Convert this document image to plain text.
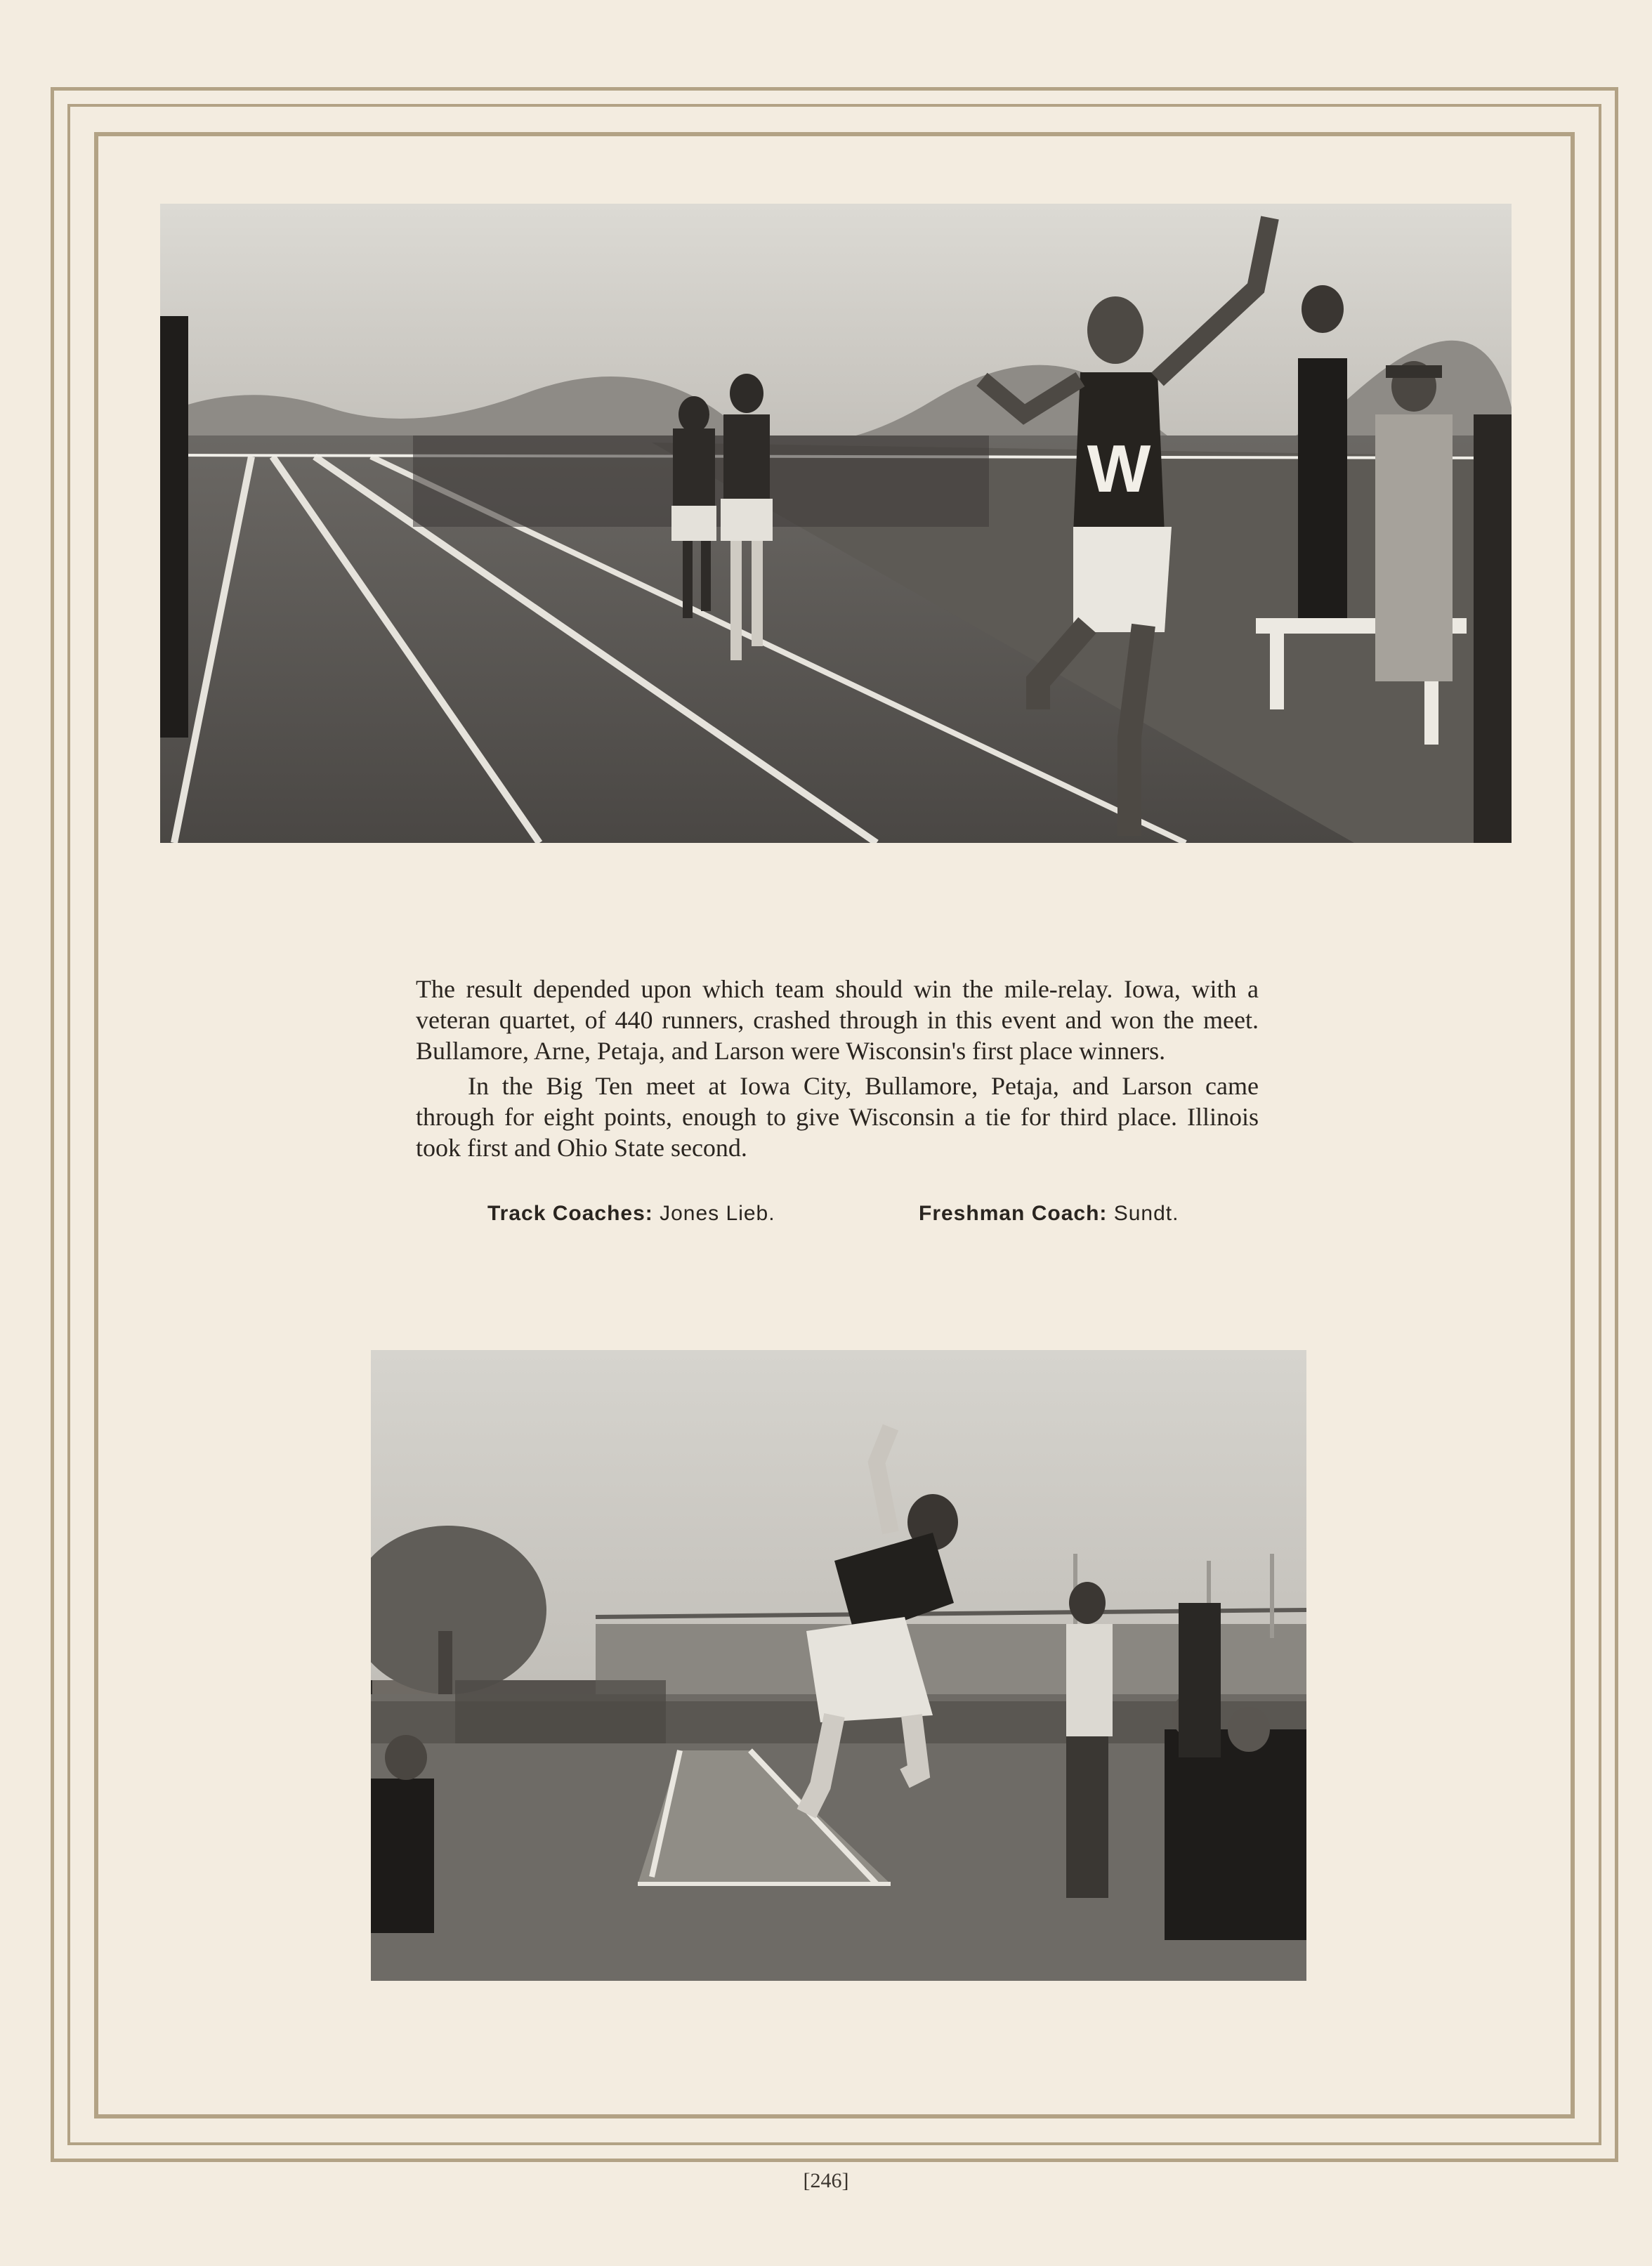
W

The result depended upon which team should win the mile-relay. Iowa, with a veteran quartet, of 440 runners, crashed through in this event and won the meet. Bullamore, Arne, Petaja, and Larson were Wisconsin's first place winners.

In the Big Ten meet at Iowa City, Bullamore, Petaja, and Larson came through for eight points, enough to give Wisconsin a tie for third place. Illinois took first and Ohio State second.

Track Coaches: Jones Lieb.	Freshman Coach: Sundt.
[246]
